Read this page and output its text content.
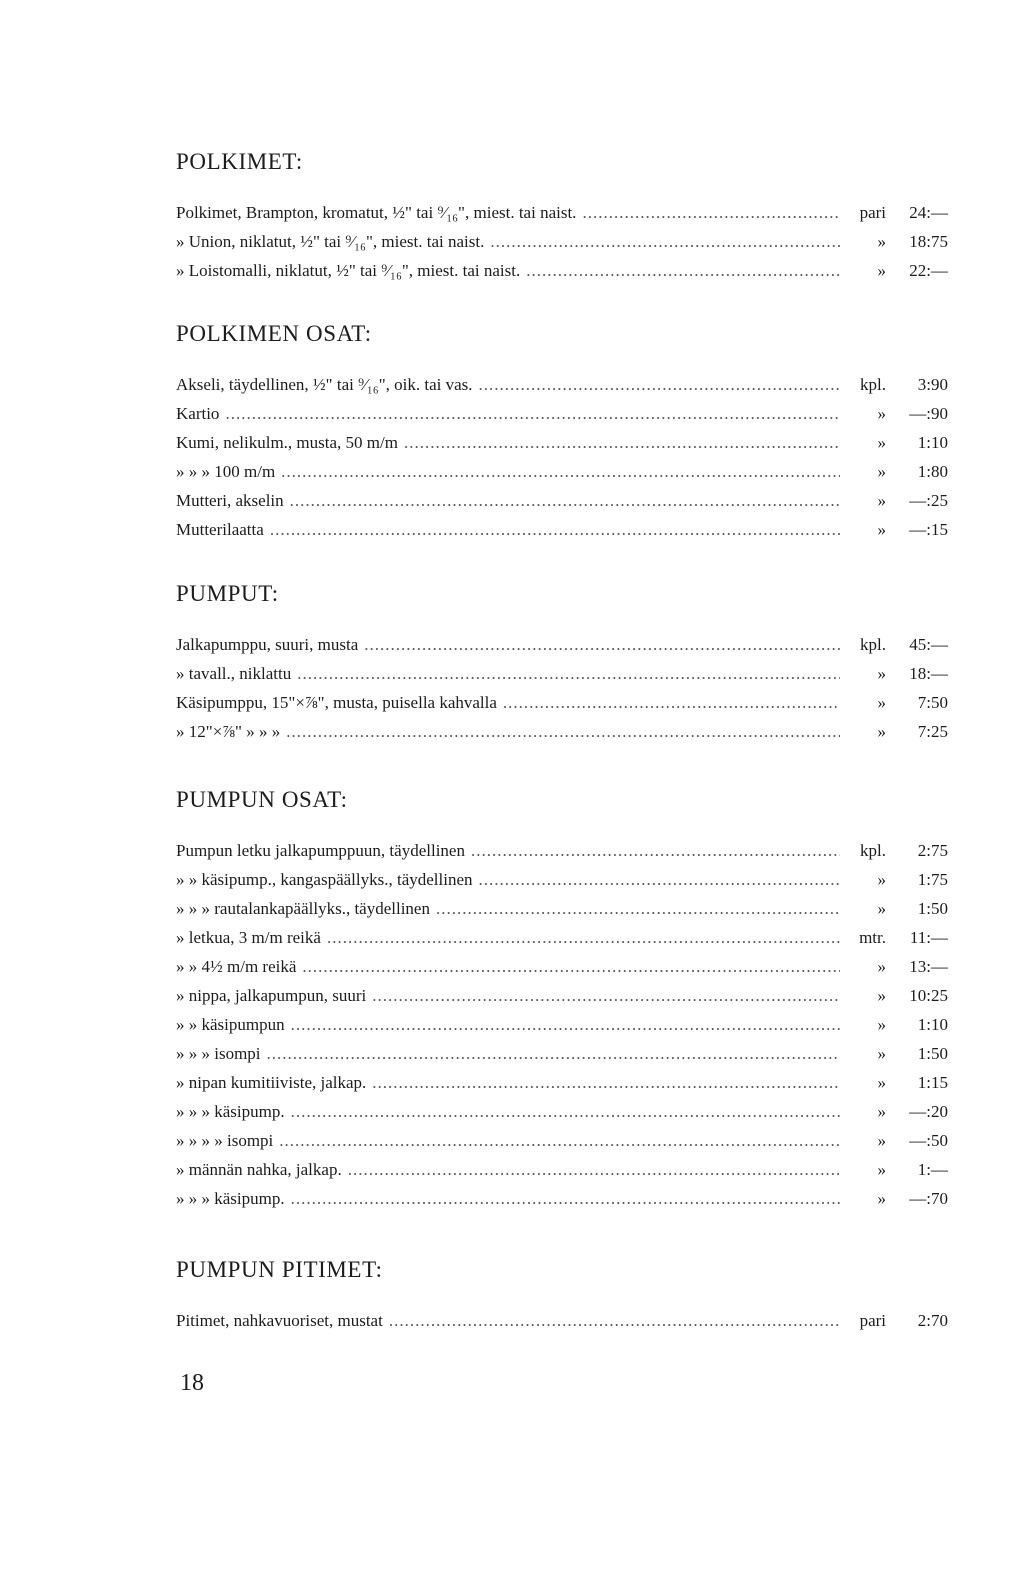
POLKIMET:
Polkimet, Brampton, kromatut, ½" tai ⁹⁄₁₆", miest. tai naist. .....	pari	24:—
» Union, niklatut, ½" tai ⁹⁄₁₆", miest. tai naist. .....	»	18:75
» Loistomalli, niklatut, ½" tai ⁹⁄₁₆", miest. tai naist. .....	»	22:—
POLKIMEN OSAT:
Akseli, täydellinen, ½" tai ⁹⁄₁₆", oik. tai vas. .....	kpl.	3:90
Kartio .....	»	—:90
Kumi, nelikulm., musta, 50 m/m .....	»	1:10
» » » 100 m/m .....	»	1:80
Mutteri, akselin .....	»	—:25
Mutterilaatta .....	»	—:15
PUMPUT:
Jalkapumppu, suuri, musta .....	kpl.	45:—
» tavall., niklattu .....	»	18:—
Käsipumppu, 15"×⅞", musta, puisella kahvalla .....	»	7:50
» 12"×⅞" » » » .....	»	7:25
PUMPUN OSAT:
Pumpun letku jalkapumppuun, täydellinen .....	kpl.	2:75
» » käsipump., kangaspäällyks., täydellinen .....	»	1:75
» » » rautalankapäällyks., täydellinen .....	»	1:50
» letkua, 3 m/m reikä .....	mtr.	11:—
» » 4½ m/m reikä .....	»	13:—
» nippa, jalkapumpun, suuri .....	»	10:25
» » käsipumpun .....	»	1:10
» » » isompi .....	»	1:50
» nipan kumitiiviste, jalkap. .....	»	1:15
» » » käsipump. .....	»	—:20
» » » » isompi .....	»	—:50
» männän nahka, jalkap. .....	»	1:—
» » » käsipump. .....	»	—:70
PUMPUN PITIMET:
Pitimet, nahkavuoriset, mustat .....	pari	2:70
18
